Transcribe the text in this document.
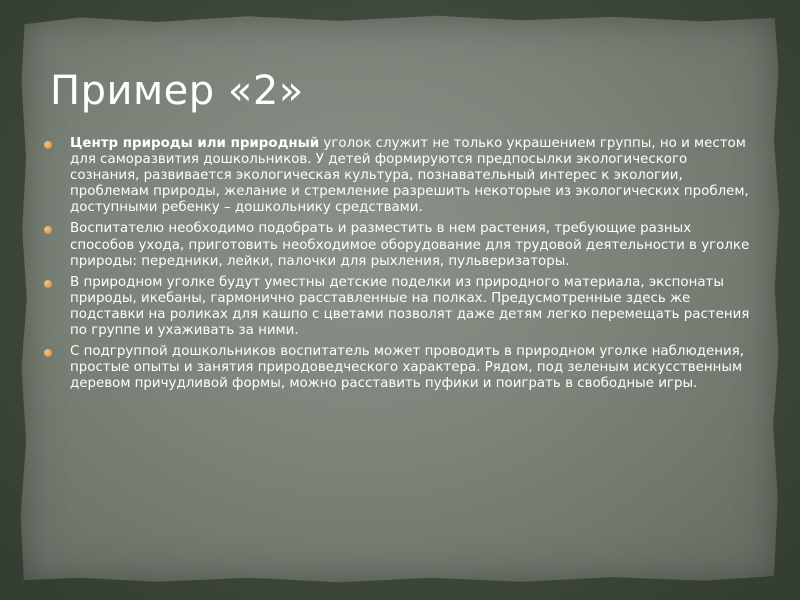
Пример «2»
Центр природы или природный уголок служит не только украшением группы, но и местом для саморазвития дошкольников. У детей формируются предпосылки экологического сознания, развивается экологическая культура, познавательный интерес к экологии, проблемам природы, желание и стремление разрешить некоторые из экологических проблем, доступными ребенку – дошкольнику средствами.
Воспитателю необходимо подобрать и разместить в нем растения, требующие разных способов ухода, приготовить необходимое оборудование для трудовой деятельности в уголке природы: передники, лейки, палочки для рыхления, пульверизаторы.
В природном уголке будут уместны детские поделки из природного материала, экспонаты природы, икебаны, гармонично расставленные на полках. Предусмотренные здесь же подставки на роликах для кашпо с цветами позволят даже детям легко перемещать растения по группе и ухаживать за ними.
С подгруппой дошкольников воспитатель может проводить в природном уголке наблюдения, простые опыты и занятия природоведческого характера. Рядом, под зеленым искусственным деревом причудливой формы, можно расставить пуфики и поиграть в свободные игры.
